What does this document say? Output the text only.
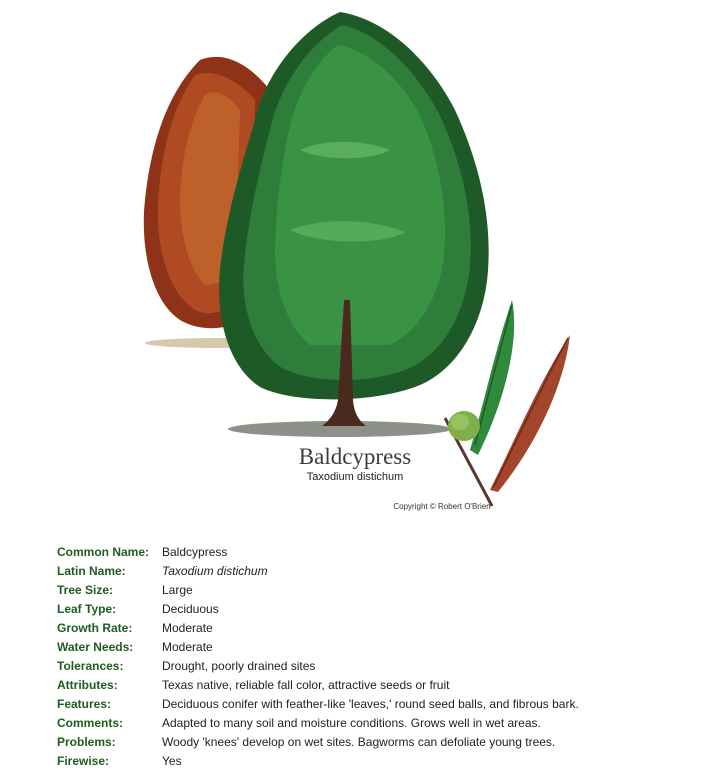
Baldcypress
Taxodium distichum
Copyright © Robert O'Brien
Common Name:	Baldcypress
Latin Name:	Taxodium distichum
Tree Size:	Large
Leaf Type:	Deciduous
Growth Rate:	Moderate
Water Needs:	Moderate
Tolerances:	Drought, poorly drained sites
Attributes:	Texas native, reliable fall color, attractive seeds or fruit
Features:	Deciduous conifer with feather-like 'leaves,' round seed balls, and fibrous bark.
Comments:	Adapted to many soil and moisture conditions. Grows well in wet areas.
Problems:	Woody 'knees' develop on wet sites. Bagworms can defoliate young trees.
Firewise:	Yes
